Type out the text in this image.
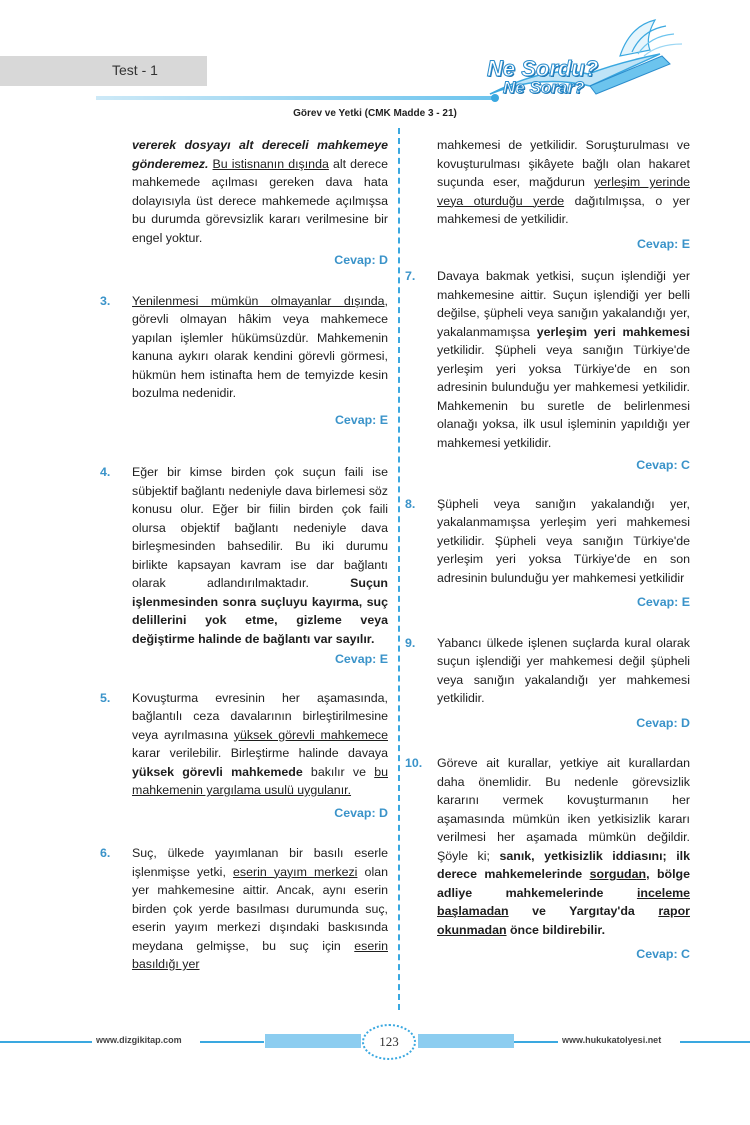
Test - 1	Ne Sordu?
Ne Sorar?
Görev ve Yetki (CMK Madde 3 - 21)
vererek dosyayı alt dereceli mahkemeye gönderemez. Bu istisnanın dışında alt derece mahkemede açılması gereken dava hata dolayısıyla üst derece mahkemede açılmışsa bu durumda görevsizlik kararı verilmesine bir engel yoktur.
Cevap: D
3. Yenilenmesi mümkün olmayanlar dışında, görevli olmayan hâkim veya mahkemece yapılan işlemler hükümsüzdür. Mahkemenin kanuna aykırı olarak kendini görevli görmesi, hükmün hem istinafta hem de temyizde kesin bozulma nedenidir.
Cevap: E
4. Eğer bir kimse birden çok suçun faili ise sübjektif bağlantı nedeniyle dava birlemesi söz konusu olur. Eğer bir fiilin birden çok faili olursa objektif bağlantı nedeniyle dava birleşmesinden bahsedilir. Bu iki durumu birlikte kapsayan kavram ise dar bağlantı olarak adlandırılmaktadır. Suçun işlenmesinden sonra suçluyu kayırma, suç delillerini yok etme, gizleme veya değiştirme halinde de bağlantı var sayılır.
Cevap: E
5. Kovuşturma evresinin her aşamasında, bağlantılı ceza davalarının birleştirilmesine veya ayrılmasına yüksek görevli mahkemece karar verilebilir. Birleştirme halinde davaya yüksek görevli mahkemede bakılır ve bu mahkemenin yargılama usulü uygulanır.
Cevap: D
6. Suç, ülkede yayımlanan bir basılı eserle işlenmişse yetki, eserin yayım merkezi olan yer mahkemesine aittir. Ancak, aynı eserin birden çok yerde basılması durumunda suç, eserin yayım merkezi dışındaki baskısında meydana gelmişse, bu suç için eserin basıldığı yer
mahkemesi de yetkilidir. Soruşturulması ve kovuşturulması şikâyete bağlı olan hakaret suçunda eser, mağdurun yerleşim yerinde veya oturduğu yerde dağıtılmışsa, o yer mahkemesi de yetkilidir.
Cevap: E
7. Davaya bakmak yetkisi, suçun işlendiği yer mahkemesine aittir. Suçun işlendiği yer belli değilse, şüpheli veya sanığın yakalandığı yer, yakalanmamışsa yerleşim yeri mahkemesi yetkilidir. Şüpheli veya sanığın Türkiye'de yerleşim yeri yoksa Türkiye'de en son adresinin bulunduğu yer mahkemesi yetkilidir. Mahkemenin bu suretle de belirlenmesi olanağı yoksa, ilk usul işleminin yapıldığı yer mahkemesi yetkilidir.
Cevap: C
8. Şüpheli veya sanığın yakalandığı yer, yakalanmamışsa yerleşim yeri mahkemesi yetkilidir. Şüpheli veya sanığın Türkiye'de yerleşim yeri yoksa Türkiye'de en son adresinin bulunduğu yer mahkemesi yetkilidir
Cevap: E
9. Yabancı ülkede işlenen suçlarda kural olarak suçun işlendiği yer mahkemesi değil şüpheli veya sanığın yakalandığı yer mahkemesi yetkilidir.
Cevap: D
10. Göreve ait kurallar, yetkiye ait kurallardan daha önemlidir. Bu nedenle görevsizlik kararını vermek kovuşturmanın her aşamasında mümkün iken yetkisizlik kararı verilmesi her aşamada mümkün değildir. Şöyle ki; sanık, yetkisizlik iddiasını; ilk derece mahkemelerinde sorgudan, bölge adliye mahkemelerinde inceleme başlamadan ve Yargıtay'da rapor okunmadan önce bildirebilir.
Cevap: C
www.dizgikitap.com	123	www.hukukatolyesi.net
